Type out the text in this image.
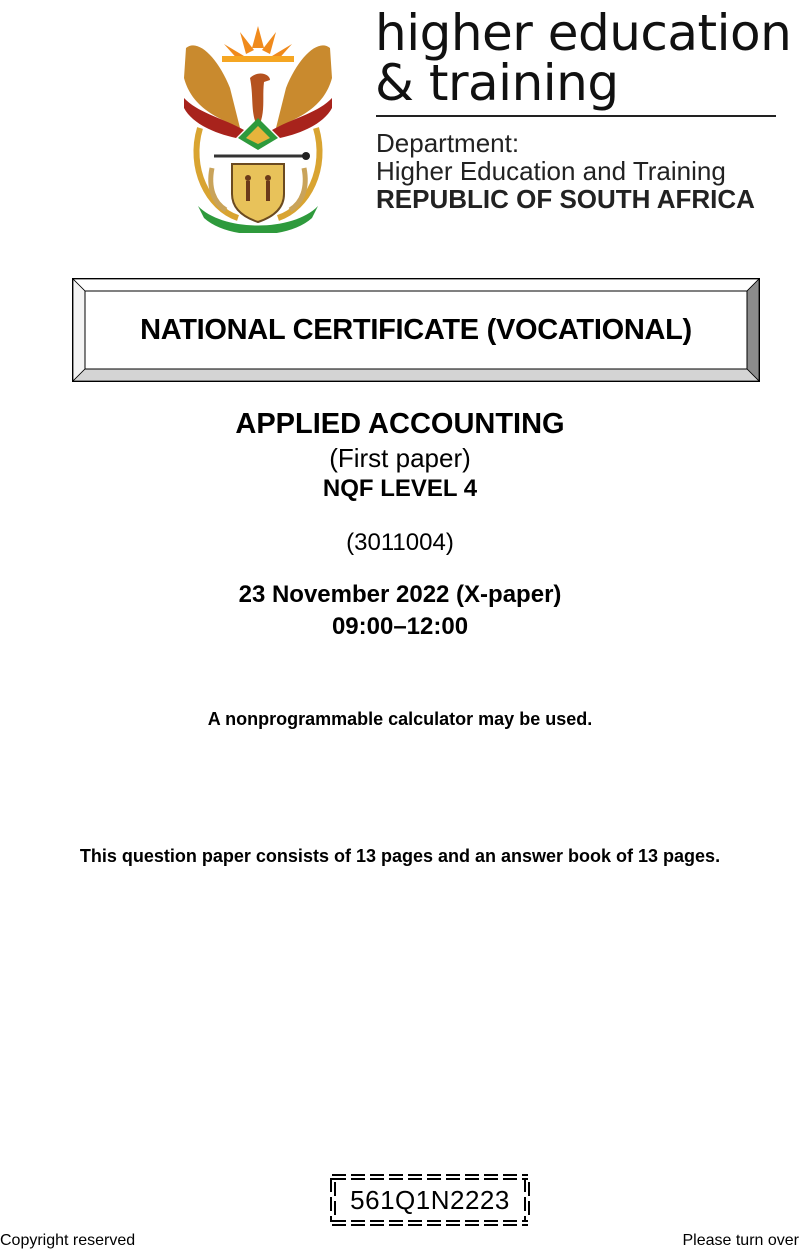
higher education
& training
Department:
Higher Education and Training
REPUBLIC OF SOUTH AFRICA
NATIONAL CERTIFICATE (VOCATIONAL)
APPLIED ACCOUNTING
(First paper)
NQF LEVEL 4
(3011004)
23 November 2022 (X-paper)
09:00–12:00
A nonprogrammable calculator may be used.
This question paper consists of 13 pages and an answer book of 13 pages.
561Q1N2223
Copyright reserved	Please turn over
